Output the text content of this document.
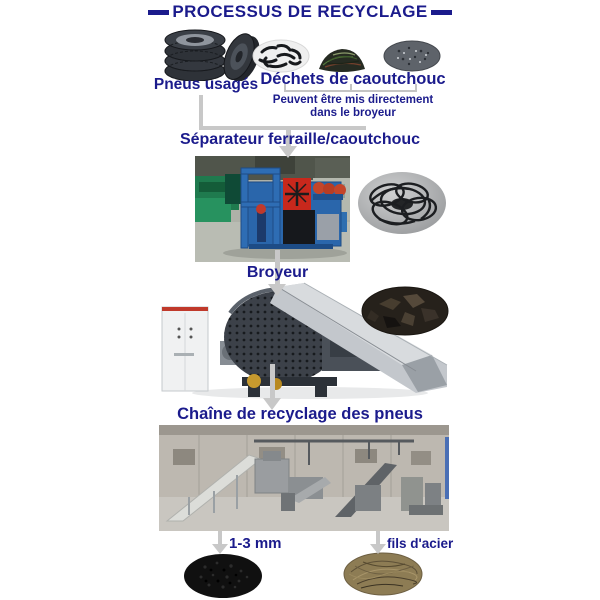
PROCESSUS DE RECYCLAGE
Pneus usagés Déchets de caoutchouc
Peuvent être mis directement
dans le broyeur
Séparateur ferraille/caoutchouc
Broyeur
Chaîne de recyclage des pneus
1-3 mm	fils d'acier
